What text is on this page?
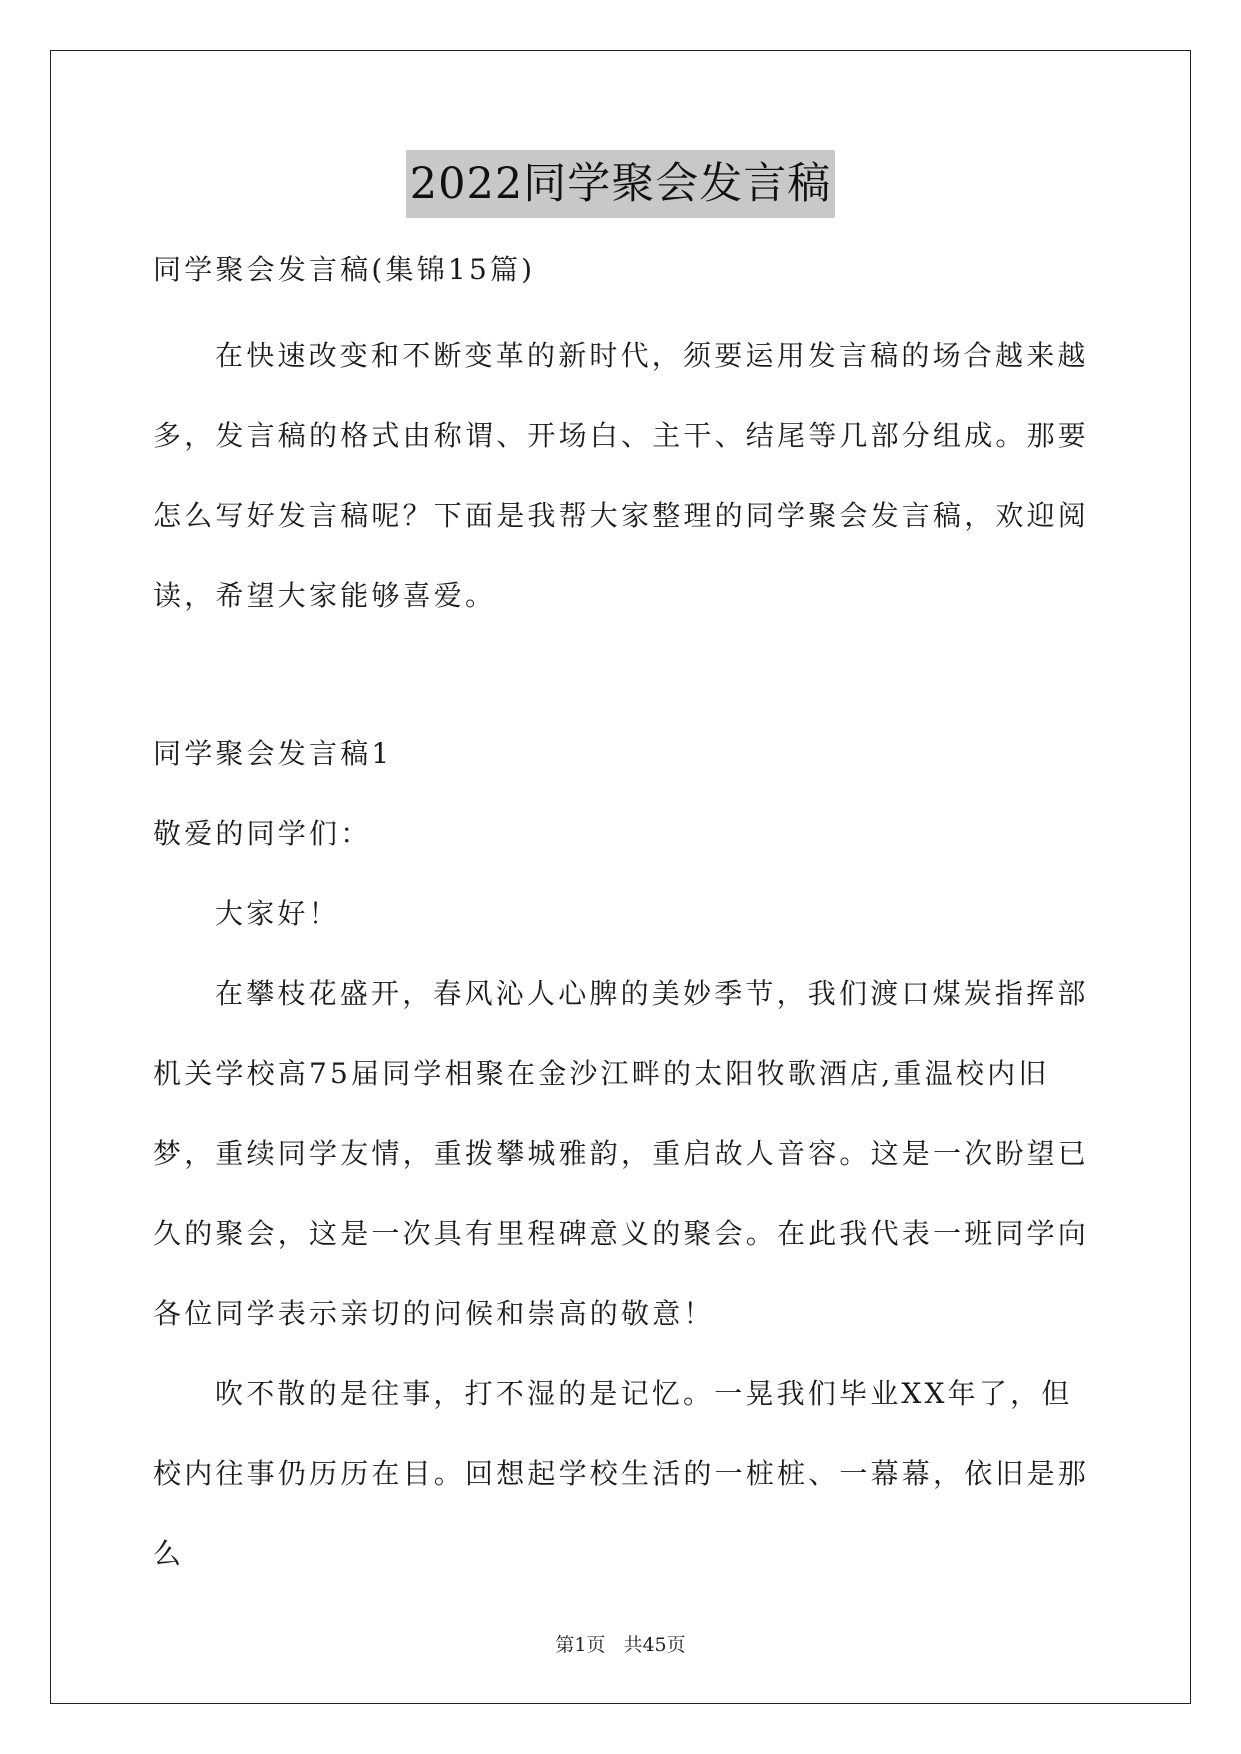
2022同学聚会发言稿

同学聚会发言稿(集锦15篇)

在快速改变和不断变革的新时代，须要运用发言稿的场合越来越多，发言稿的格式由称谓、开场白、主干、结尾等几部分组成。那要怎么写好发言稿呢？下面是我帮大家整理的同学聚会发言稿，欢迎阅读，希望大家能够喜爱。

同学聚会发言稿1

敬爱的同学们：

大家好！

在攀枝花盛开，春风沁人心脾的美妙季节，我们渡口煤炭指挥部机关学校高75届同学相聚在金沙江畔的太阳牧歌酒店,重温校内旧梦，重续同学友情，重拨攀城雅韵，重启故人音容。这是一次盼望已久的聚会，这是一次具有里程碑意义的聚会。在此我代表一班同学向各位同学表示亲切的问候和崇高的敬意！

吹不散的是往事，打不湿的是记忆。一晃我们毕业XX年了，但校内往事仍历历在目。回想起学校生活的一桩桩、一幕幕，依旧是那么

第1页 共45页
